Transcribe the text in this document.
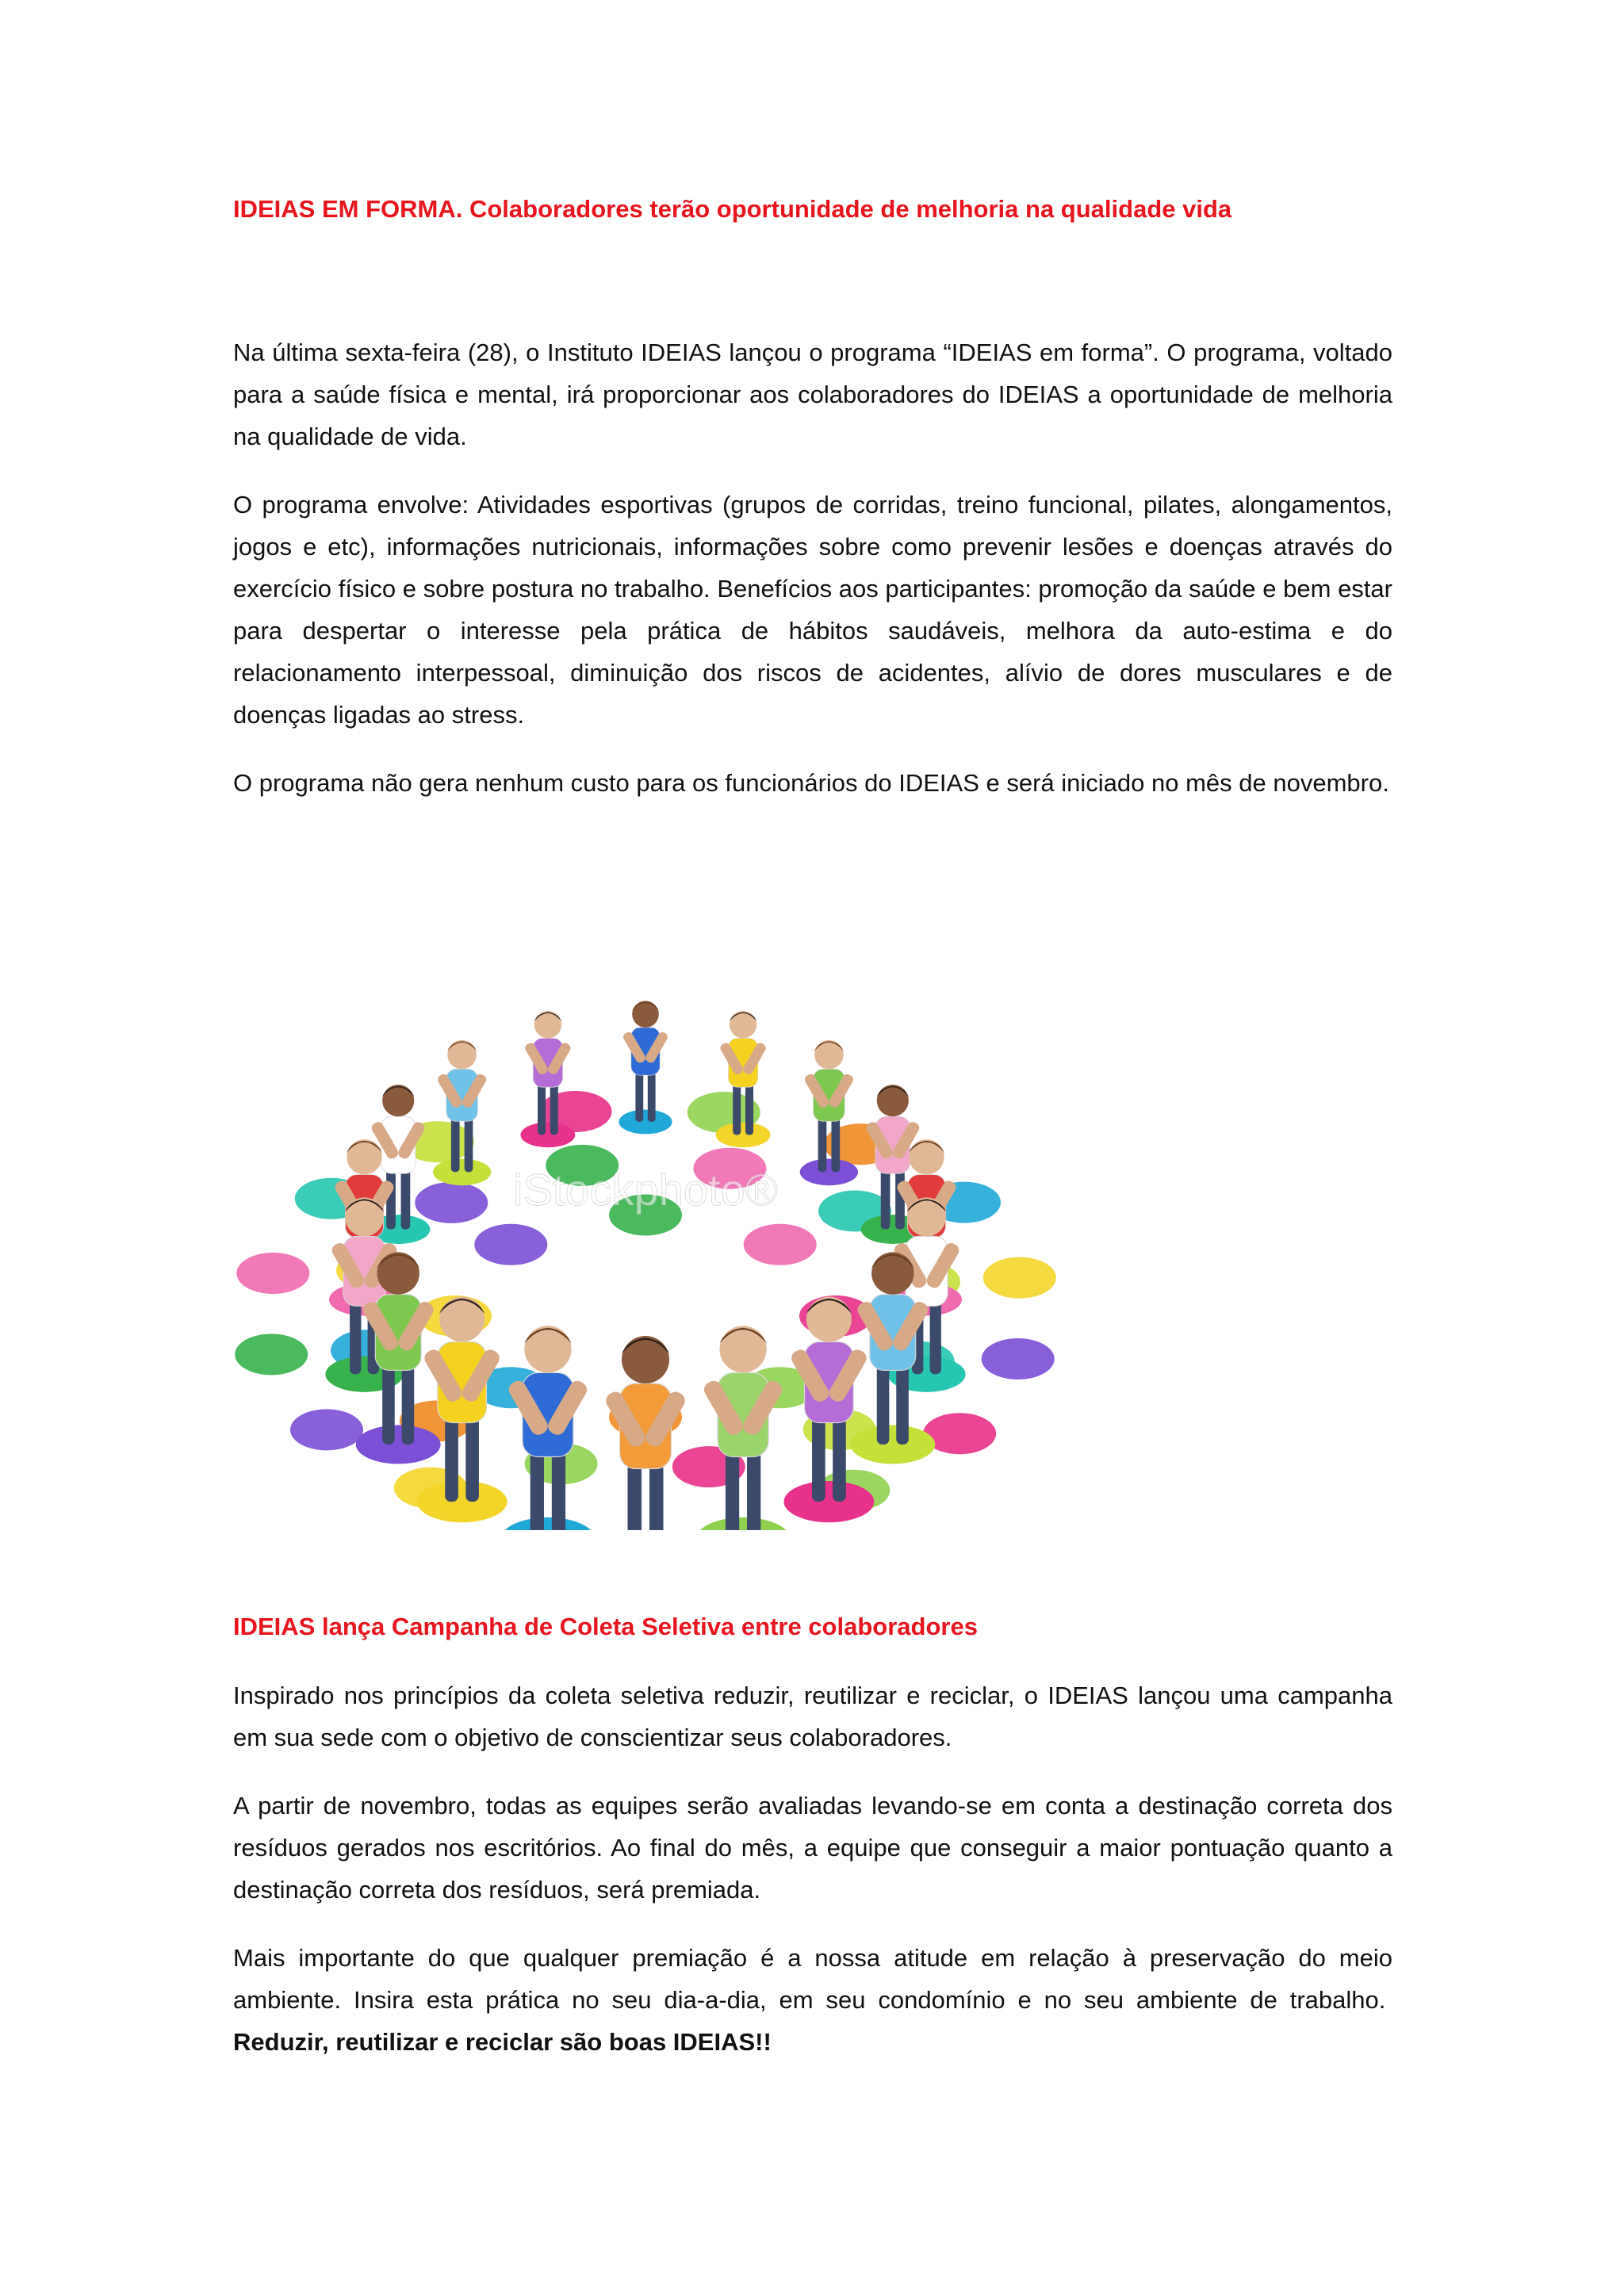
IDEIAS EM FORMA. Colaboradores terão oportunidade de melhoria na qualidade vida

Na última sexta-feira (28), o Instituto IDEIAS lançou o programa “IDEIAS em forma”. O programa, voltado para a saúde física e mental, irá proporcionar aos colaboradores do IDEIAS a oportunidade de melhoria na qualidade de vida.

O programa envolve: Atividades esportivas (grupos de corridas, treino funcional, pilates, alongamentos, jogos e etc), informações nutricionais, informações sobre como prevenir lesões e doenças através do exercício físico e sobre postura no trabalho. Benefícios aos participantes: promoção da saúde e bem estar para despertar o interesse pela prática de hábitos saudáveis, melhora da auto-estima e do relacionamento interpessoal, diminuição dos riscos de acidentes, alívio de dores musculares e de doenças ligadas ao stress.

O programa não gera nenhum custo para os funcionários do IDEIAS e será iniciado no mês de novembro.

iStockphoto®
IDEIAS lança Campanha de Coleta Seletiva entre colaboradores

Inspirado nos princípios da coleta seletiva reduzir, reutilizar e reciclar, o IDEIAS lançou uma campanha em sua sede com o objetivo de conscientizar seus colaboradores.

A partir de novembro, todas as equipes serão avaliadas levando-se em conta a destinação correta dos resíduos gerados nos escritórios. Ao final do mês, a equipe que conseguir a maior pontuação quanto a destinação correta dos resíduos, será premiada.

Mais importante do que qualquer premiação é a nossa atitude em relação à preservação do meio ambiente. Insira esta prática no seu dia-a-dia, em seu condomínio e no seu ambiente de trabalho.  Reduzir, reutilizar e reciclar são boas IDEIAS!!
